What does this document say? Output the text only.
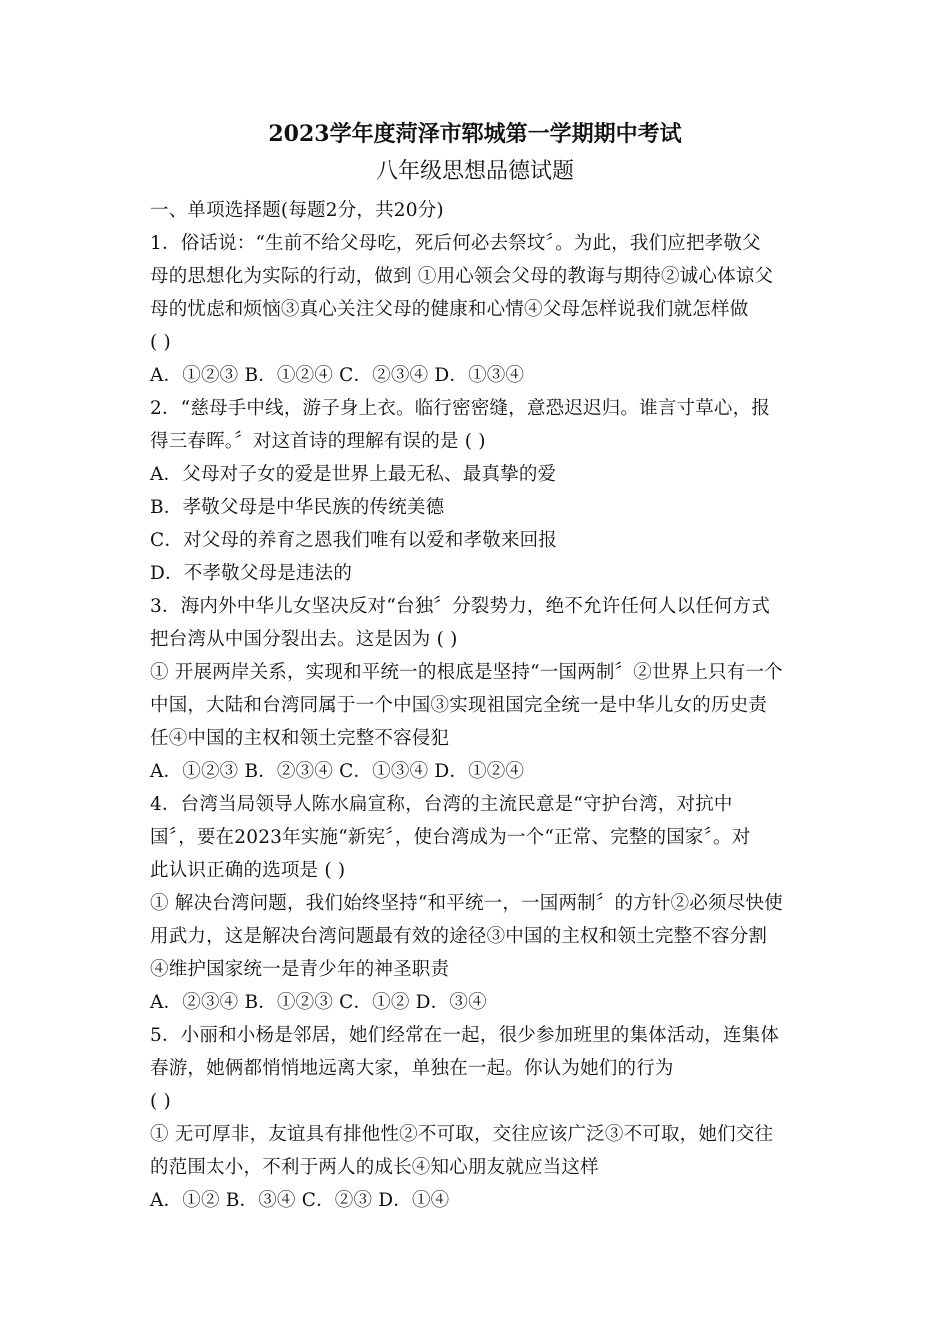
2023学年度菏泽市郓城第一学期期中考试
八年级思想品德试题
一、单项选择题(每题2分，共20分)
1．俗话说：“生前不给父母吃，死后何必去祭坟〞。为此，我们应把孝敬父
母的思想化为实际的行动，做到 ①用心领会父母的教诲与期待②诚心体谅父
母的忧虑和烦恼③真心关注父母的健康和心情④父母怎样说我们就怎样做
( )
A．①②③ B．①②④ C．②③④ D．①③④
2．“慈母手中线，游子身上衣。临行密密缝，意恐迟迟归。谁言寸草心，报
得三春晖。〞对这首诗的理解有误的是 ( )
A．父母对子女的爱是世界上最无私、最真挚的爱
B．孝敬父母是中华民族的传统美德
C．对父母的养育之恩我们唯有以爱和孝敬来回报
D．不孝敬父母是违法的
3．海内外中华儿女坚决反对“台独〞分裂势力，绝不允许任何人以任何方式
把台湾从中国分裂出去。这是因为 ( )
① 开展两岸关系，实现和平统一的根底是坚持“一国两制〞②世界上只有一个
中国，大陆和台湾同属于一个中国③实现祖国完全统一是中华儿女的历史责
任④中国的主权和领土完整不容侵犯
A．①②③ B．②③④ C．①③④ D．①②④
4．台湾当局领导人陈水扁宣称，台湾的主流民意是“守护台湾，对抗中
国〞，要在2023年实施“新宪〞，使台湾成为一个“正常、完整的国家〞。对
此认识正确的选项是 ( )
① 解决台湾问题，我们始终坚持“和平统一，一国两制〞的方针②必须尽快使
用武力，这是解决台湾问题最有效的途径③中国的主权和领土完整不容分割
④维护国家统一是青少年的神圣职责
A．②③④ B．①②③ C．①② D．③④
5．小丽和小杨是邻居，她们经常在一起，很少参加班里的集体活动，连集体
春游，她俩都悄悄地远离大家，单独在一起。你认为她们的行为
( )
① 无可厚非，友谊具有排他性②不可取，交往应该广泛③不可取，她们交往
的范围太小，不利于两人的成长④知心朋友就应当这样
A．①② B．③④ C．②③ D．①④
